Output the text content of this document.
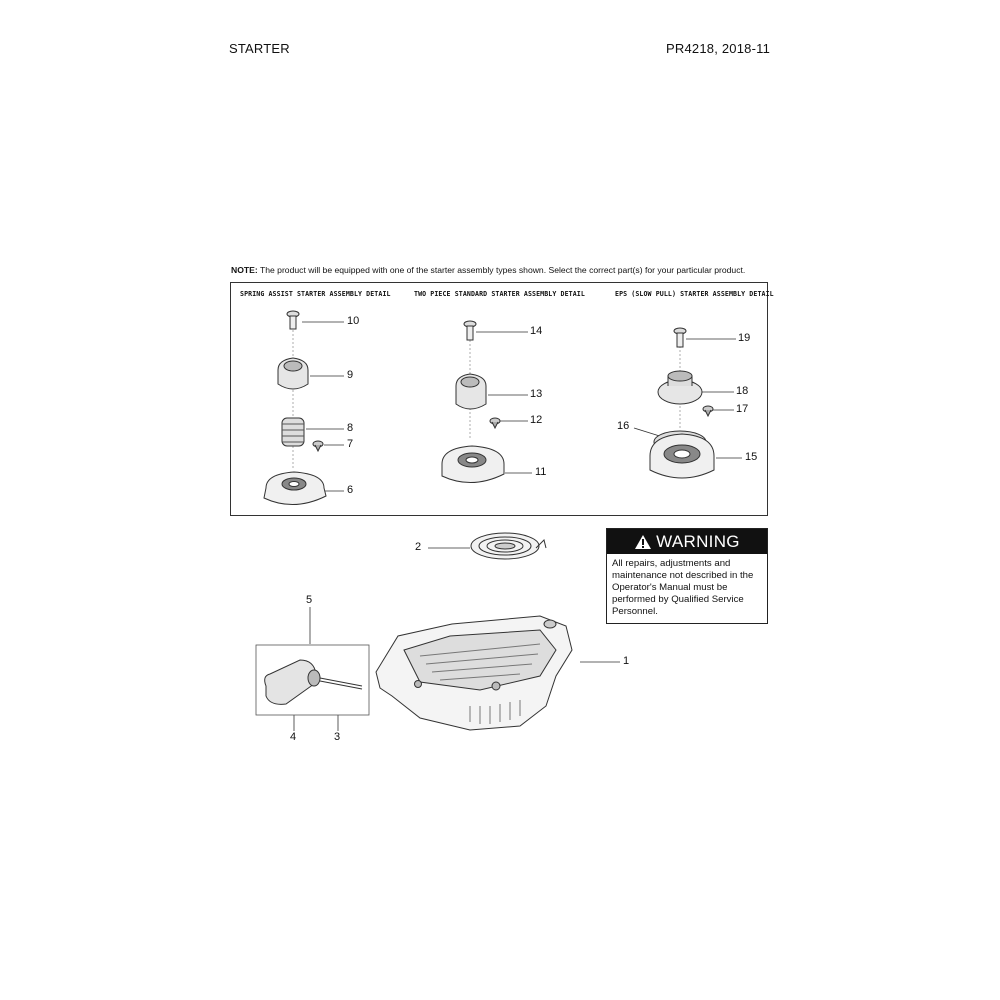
STARTER	PR4218, 2018-11
NOTE: The product will be equipped with one of the starter assembly types shown. Select the correct part(s) for your particular product.
SPRING ASSIST STARTER ASSEMBLY DETAIL	TWO PIECE STANDARD STARTER ASSEMBLY DETAIL	EPS (SLOW PULL) STARTER ASSEMBLY DETAIL
10
9
8
7
6
14
13
12
11
19
18
17
16
15
2
1
5
4	3
WARNING
All repairs, adjustments and maintenance not described in the Operator's Manual must be performed by Qualified Service Personnel.
